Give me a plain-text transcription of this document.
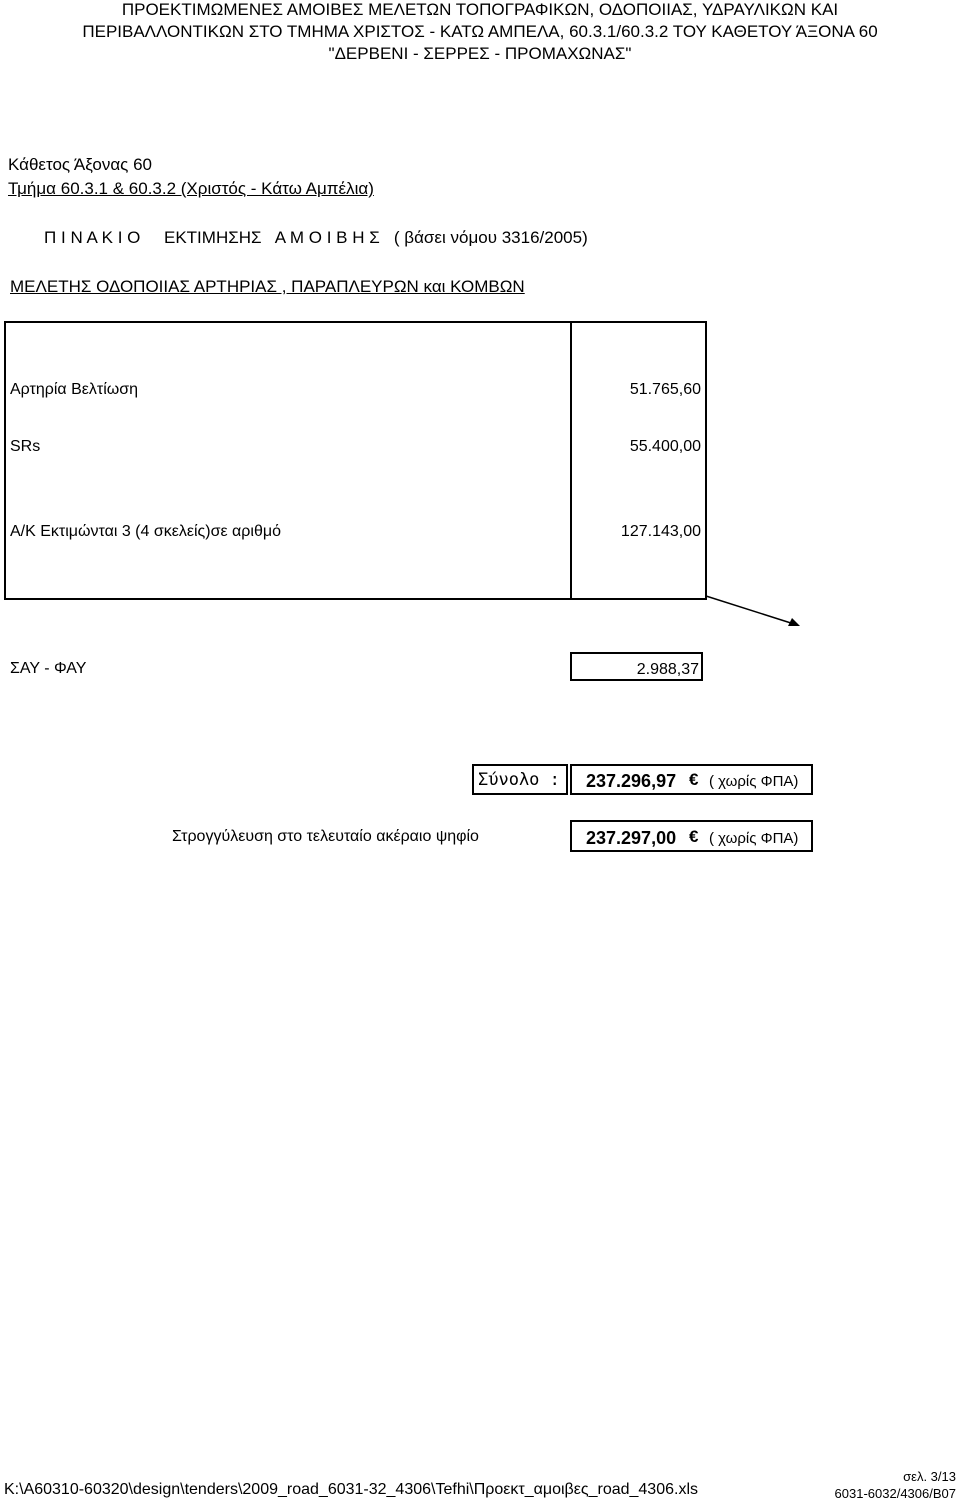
ΠΡΟΕΚΤΙΜΩΜΕΝΕΣ ΑΜΟΙΒΕΣ ΜΕΛΕΤΩΝ ΤΟΠΟΓΡΑΦΙΚΩΝ, ΟΔΟΠΟΙΙΑΣ, ΥΔΡΑΥΛΙΚΩΝ ΚΑΙ
ΠΕΡΙΒΑΛΛΟΝΤΙΚΩΝ ΣΤΟ ΤΜΗΜΑ ΧΡΙΣΤΟΣ - ΚΑΤΩ ΑΜΠΕΛΑ, 60.3.1/60.3.2 ΤΟΥ ΚΑΘΕΤΟΥ ΆΞΟΝΑ 60
"ΔΕΡΒΕΝΙ - ΣΕΡΡΕΣ - ΠΡΟΜΑΧΩΝΑΣ"
Κάθετος Άξονας 60
Τμήμα 60.3.1 & 60.3.2 (Χριστός - Κάτω Αμπέλια)
Π Ι Ν Α Κ Ι Ο ΕΚΤΙΜΗΣΗΣ Α Μ Ο Ι Β Η Σ ( βάσει νόμου 3316/2005)
ΜΕΛΕΤΗΣ ΟΔΟΠΟΙΙΑΣ ΑΡΤΗΡΙΑΣ , ΠΑΡΑΠΛΕΥΡΩΝ και ΚΟΜΒΩΝ
Αρτηρία Βελτίωση	51.765,60
SRs	55.400,00
Α/Κ Εκτιμώνται 3 (4 σκελείς)σε αριθμό	127.143,00
ΣΑΥ - ΦΑΥ	2.988,37
Σύνολο : 237.296,97 € ( χωρίς ΦΠΑ)
Στρογγύλευση στο τελευταίο ακέραιο ψηφίο	237.297,00 € ( χωρίς ΦΠΑ)
K:\A60310-60320\design\tenders\2009_road_6031-32_4306\Tefhi\Προεκτ_αμοιβες_road_4306.xls
σελ. 3/13
6031-6032/4306/B07
